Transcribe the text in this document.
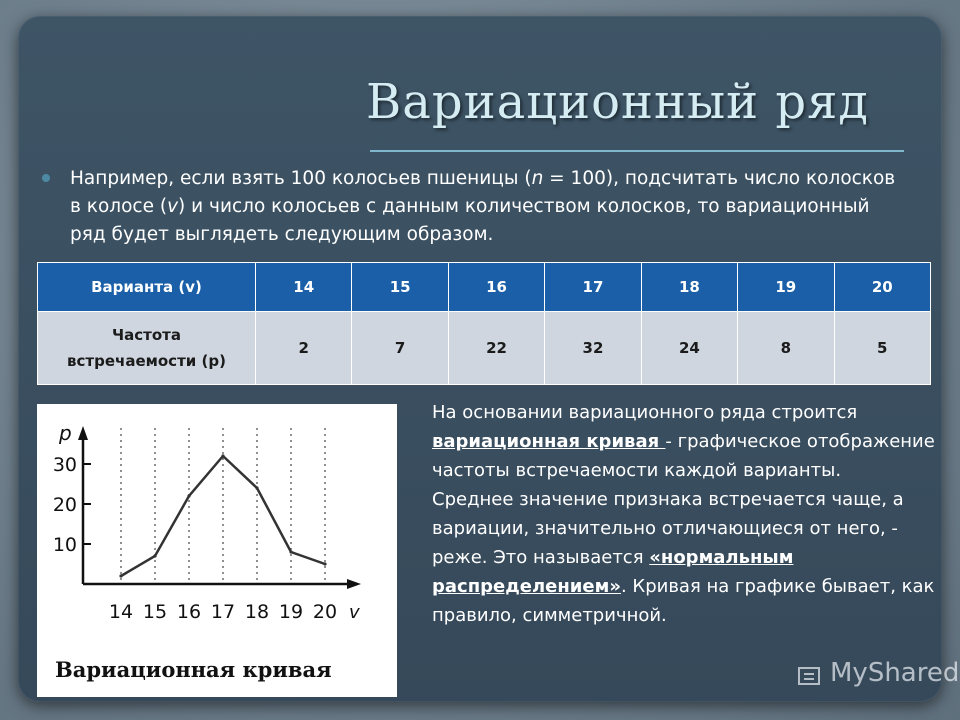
Вариационный ряд
Например, если взять 100 колосьев пшеницы (n = 100), подсчитать число колосков в колосе (v) и число колосьев с данным количеством колосков, то вариационный ряд будет выглядеть следующим образом.
Варианта (v)	14	15	16	17	18	19	20
Частота
встречаемости (p)	2	7	22	32	24	8	5
10
20
30
14 15 16 17 18 19 20
p
v
Вариационная кривая

На основании вариационного ряда строится
вариационная кривая - графическое отображение частоты встречаемости каждой варианты.

Среднее значение признака встречается чаще, а вариации, значительно отличающиеся от него, - реже. Это называется «нормальным распределением». Кривая на графике бывает, как правило, симметричной.

MyShared
